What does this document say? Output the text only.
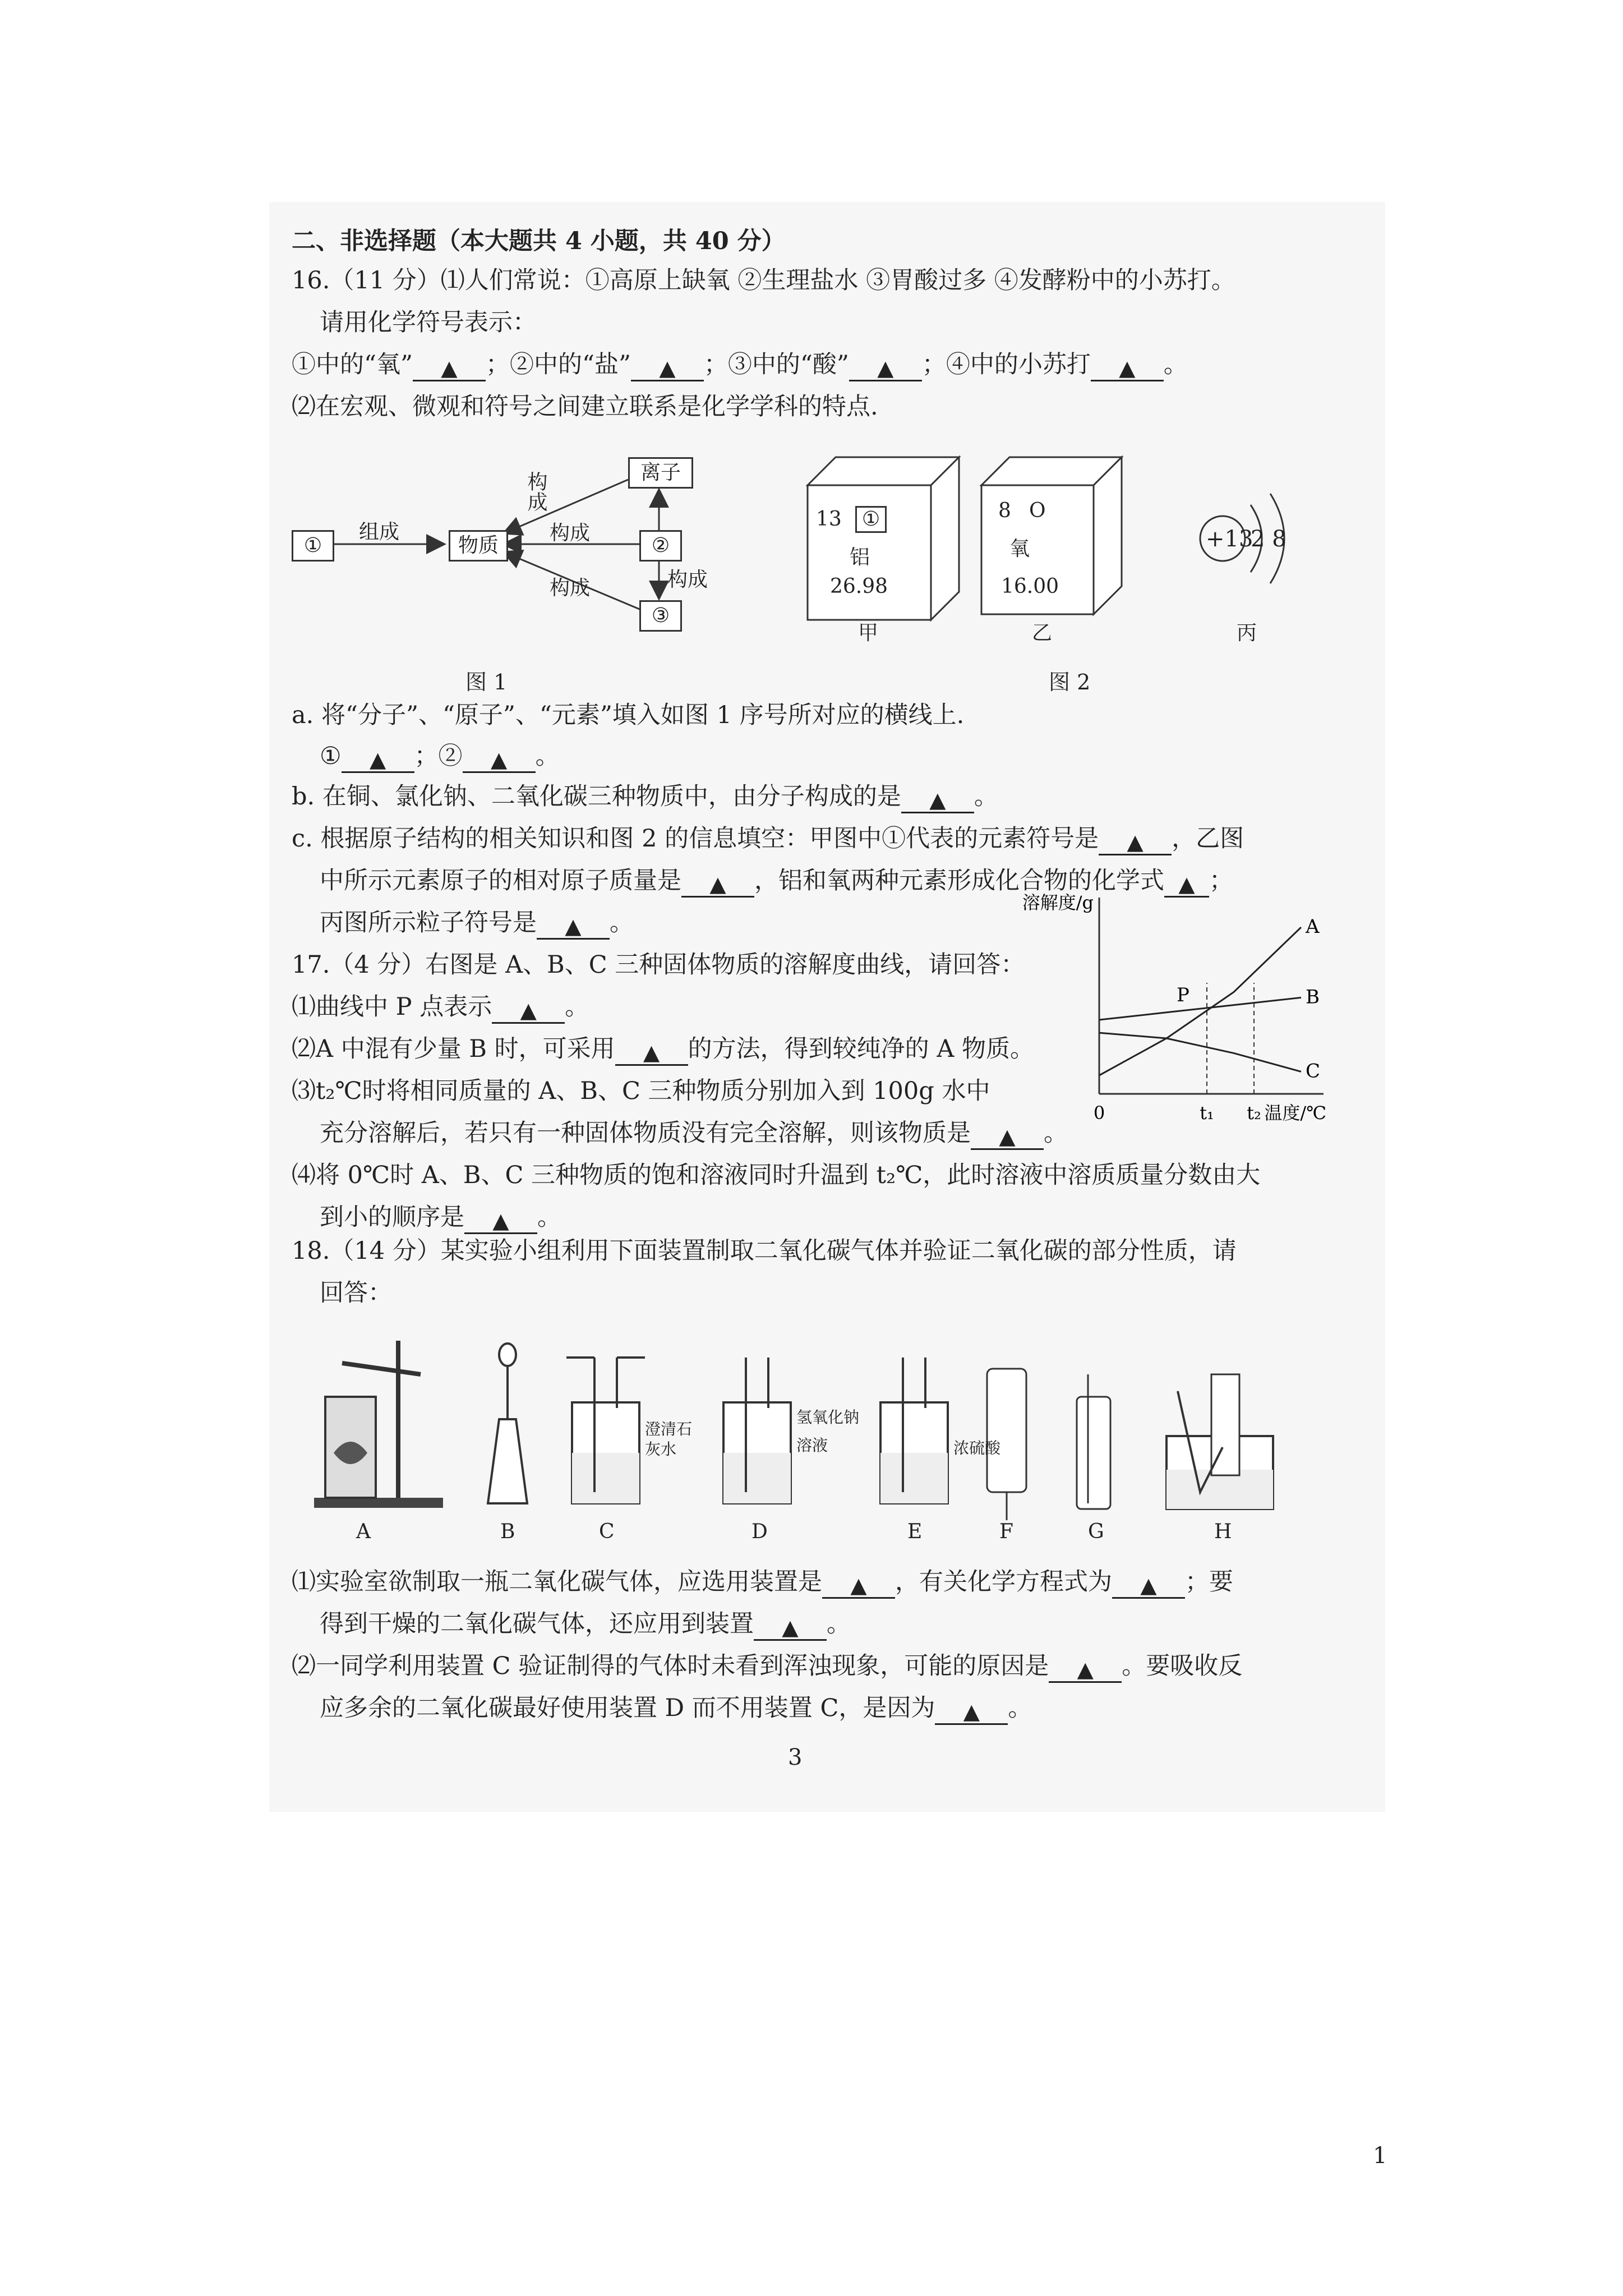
二、非选择题（本大题共 4 小题，共 40 分）
16.（11 分）⑴人们常说：①高原上缺氧 ②生理盐水 ③胃酸过多 ④发酵粉中的小苏打。
请用化学符号表示：
①中的“氧” ▲ ；②中的“盐” ▲ ；③中的“酸” ▲ ；④中的小苏打 ▲ 。
⑵在宏观、微观和符号之间建立联系是化学学科的特点.
①	物质
离子
②
③
组成
构成
构成
构成	构成
图 1
13	①
铝
26.98
甲
8 O
氧
16.00
乙
+13
2 8
丙
图 2
a. 将“分子”、“原子”、“元素”填入如图 1 序号所对应的横线上.
① ▲ ；② ▲ 。
b. 在铜、氯化钠、二氧化碳三种物质中，由分子构成的是 ▲ 。
c. 根据原子结构的相关知识和图 2 的信息填空：甲图中①代表的元素符号是 ▲ ，乙图
中所示元素原子的相对原子质量是 ▲ ，铝和氧两种元素形成化合物的化学式 ▲ ；
丙图所示粒子符号是 ▲ 。
17.（4 分）右图是 A、B、C 三种固体物质的溶解度曲线，请回答：
⑴曲线中 P 点表示 ▲ 。
⑵A 中混有少量 B 时，可采用 ▲ 的方法，得到较纯净的 A 物质。
⑶t₂℃时将相同质量的 A、B、C 三种物质分别加入到 100g 水中
充分溶解后，若只有一种固体物质没有完全溶解，则该物质是 ▲ 。
⑷将 0℃时 A、B、C 三种物质的饱和溶液同时升温到 t₂℃，此时溶液中溶质质量分数由大
到小的顺序是 ▲ 。
溶解度/g
温度/℃
0	t₁ t₂
A
B
C
P
18.（14 分）某实验小组利用下面装置制取二氧化碳气体并验证二氧化碳的部分性质，请
回答：
A	B	C	D	E	F	G	H
澄清石灰水
氢氧化钠
溶液	浓硫酸
⑴实验室欲制取一瓶二氧化碳气体，应选用装置是 ▲ ，有关化学方程式为 ▲ ；要
得到干燥的二氧化碳气体，还应用到装置 ▲ 。
⑵一同学利用装置 C 验证制得的气体时未看到浑浊现象，可能的原因是 ▲ 。要吸收反
应多余的二氧化碳最好使用装置 D 而不用装置 C，是因为 ▲ 。
3
1
